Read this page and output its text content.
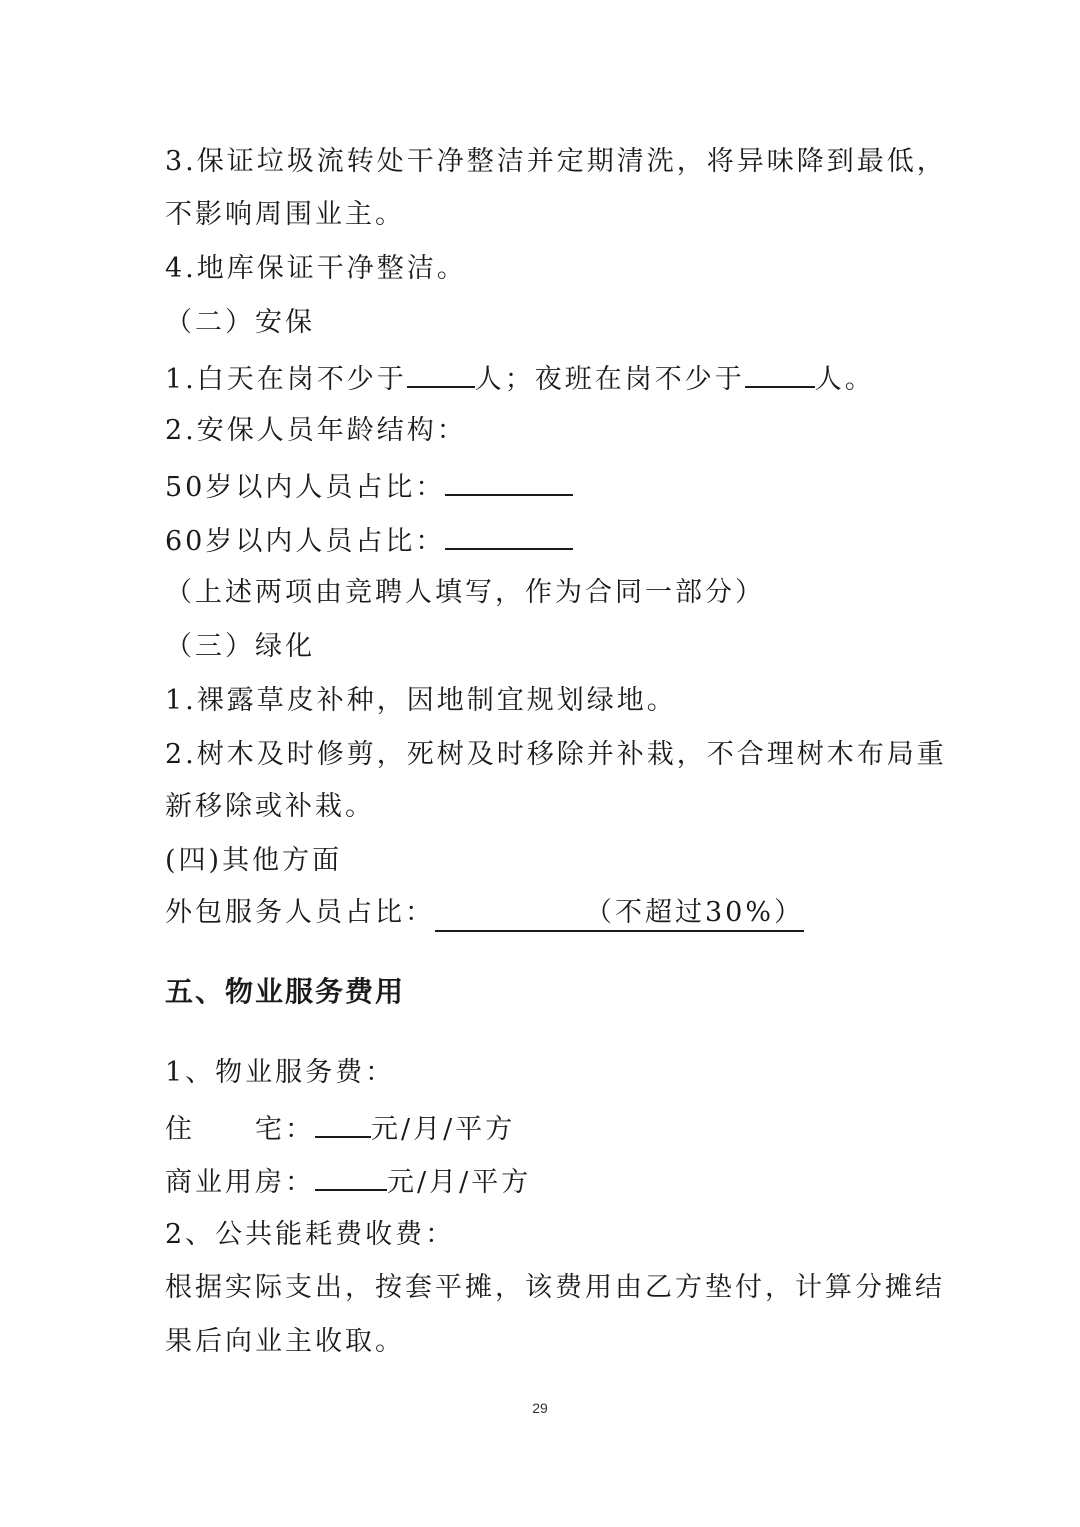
3.保证垃圾流转处干净整洁并定期清洗，将异味降到最低，
不影响周围业主。
4.地库保证干净整洁。
（二）安保
1.白天在岗不少于	人；夜班在岗不少于	人。
2.安保人员年龄结构：
50岁以内人员占比：
60岁以内人员占比：
（上述两项由竞聘人填写，作为合同一部分）
（三）绿化
1.裸露草皮补种，因地制宜规划绿地。
2.树木及时修剪，死树及时移除并补栽，不合理树木布局重
新移除或补栽。
(四)其他方面
外包服务人员占比：	（不超过30%）
五、物业服务费用
1、物业服务费：
住　　宅： 元/月/平方
商业用房：	元/月/平方
2、公共能耗费收费：
根据实际支出，按套平摊，该费用由乙方垫付，计算分摊结
果后向业主收取。
29
